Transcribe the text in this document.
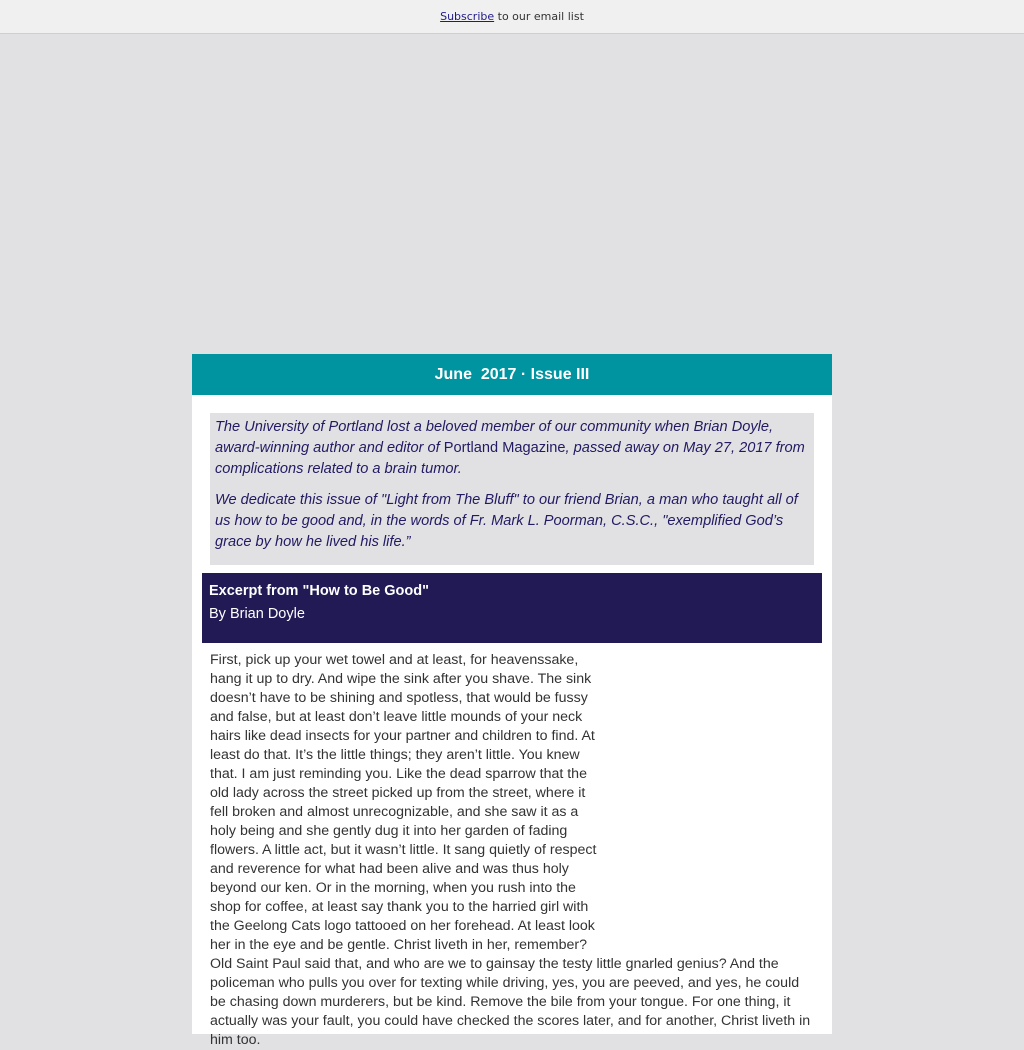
Subscribe to our email list
June  2017 · Issue III

The University of Portland lost a beloved member of our community when Brian Doyle, award-winning author and editor of Portland Magazine, passed away on May 27, 2017 from complications related to a brain tumor.

We dedicate this issue of "Light from The Bluff" to our friend Brian, a man who taught all of us how to be good and, in the words of Fr. Mark L. Poorman, C.S.C., "exemplified God’s grace by how he lived his life.”

Excerpt from "How to Be Good"
By Brian Doyle

First, pick up your wet towel and at least, for heavenssake, hang it up to dry. And wipe the sink after you shave. The sink doesn’t have to be shining and spotless, that would be fussy and false, but at least don’t leave little mounds of your neck hairs like dead insects for your partner and children to find. At least do that. It’s the little things; they aren’t little. You knew that. I am just reminding you. Like the dead sparrow that the old lady across the street picked up from the street, where it fell broken and almost unrecognizable, and she saw it as a holy being and she gently dug it into her garden of fading flowers. A little act, but it wasn’t little. It sang quietly of respect and reverence for what had been alive and was thus holy beyond our ken. Or in the morning, when you rush into the shop for coffee, at least say thank you to the harried girl with the Geelong Cats logo tattooed on her forehead. At least look her in the eye and be gentle. Christ liveth in her, remember? Old Saint Paul said that, and who are we to gainsay the testy little gnarled genius? And the policeman who pulls you over for texting while driving, yes, you are peeved, and yes, he could be chasing down murderers, but be kind. Remove the bile from your tongue. For one thing, it actually was your fault, you could have checked the scores later, and for another, Christ liveth in him too.
